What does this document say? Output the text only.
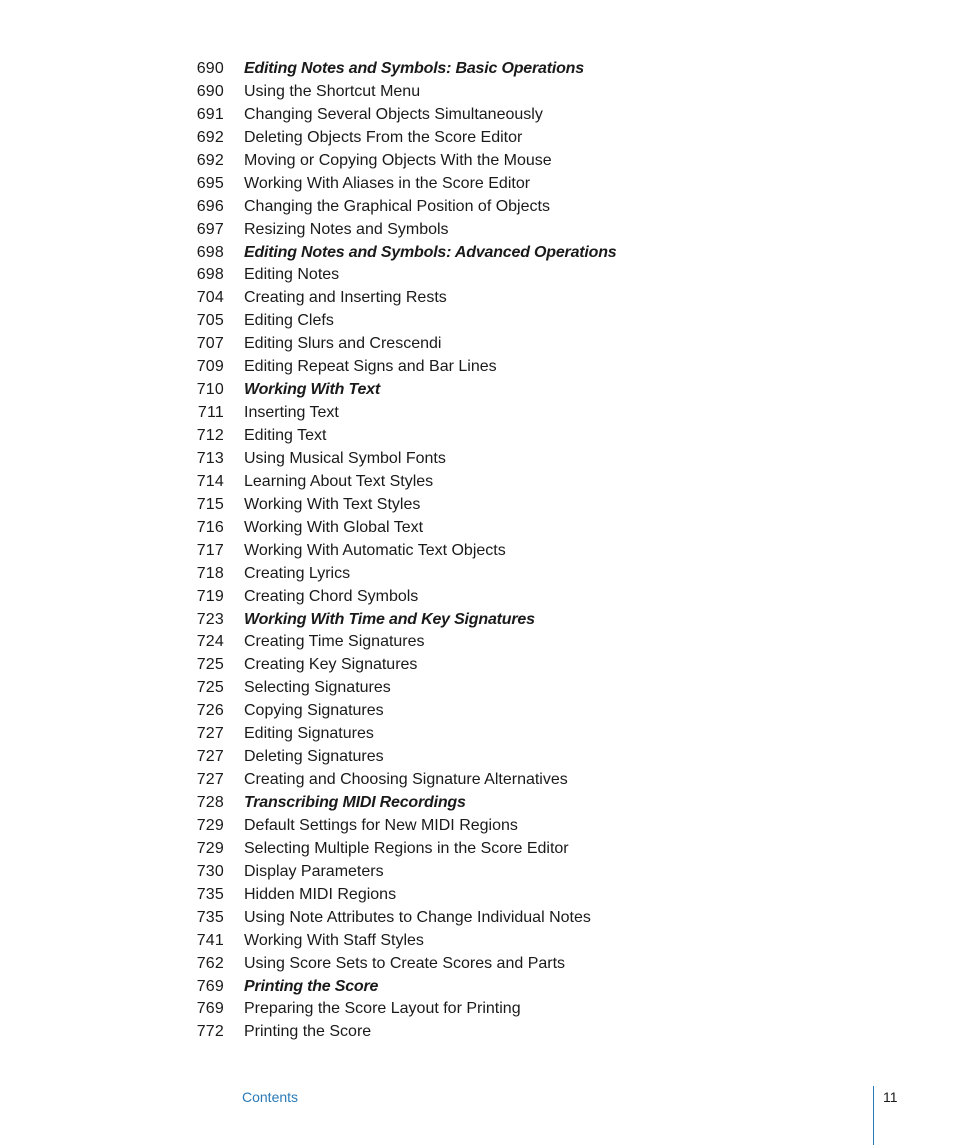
690 Editing Notes and Symbols: Basic Operations
690 Using the Shortcut Menu
691 Changing Several Objects Simultaneously
692 Deleting Objects From the Score Editor
692 Moving or Copying Objects With the Mouse
695 Working With Aliases in the Score Editor
696 Changing the Graphical Position of Objects
697 Resizing Notes and Symbols
698 Editing Notes and Symbols: Advanced Operations
698 Editing Notes
704 Creating and Inserting Rests
705 Editing Clefs
707 Editing Slurs and Crescendi
709 Editing Repeat Signs and Bar Lines
710 Working With Text
711 Inserting Text
712 Editing Text
713 Using Musical Symbol Fonts
714 Learning About Text Styles
715 Working With Text Styles
716 Working With Global Text
717 Working With Automatic Text Objects
718 Creating Lyrics
719 Creating Chord Symbols
723 Working With Time and Key Signatures
724 Creating Time Signatures
725 Creating Key Signatures
725 Selecting Signatures
726 Copying Signatures
727 Editing Signatures
727 Deleting Signatures
727 Creating and Choosing Signature Alternatives
728 Transcribing MIDI Recordings
729 Default Settings for New MIDI Regions
729 Selecting Multiple Regions in the Score Editor
730 Display Parameters
735 Hidden MIDI Regions
735 Using Note Attributes to Change Individual Notes
741 Working With Staff Styles
762 Using Score Sets to Create Scores and Parts
769 Printing the Score
769 Preparing the Score Layout for Printing
772 Printing the Score
Contents	11
